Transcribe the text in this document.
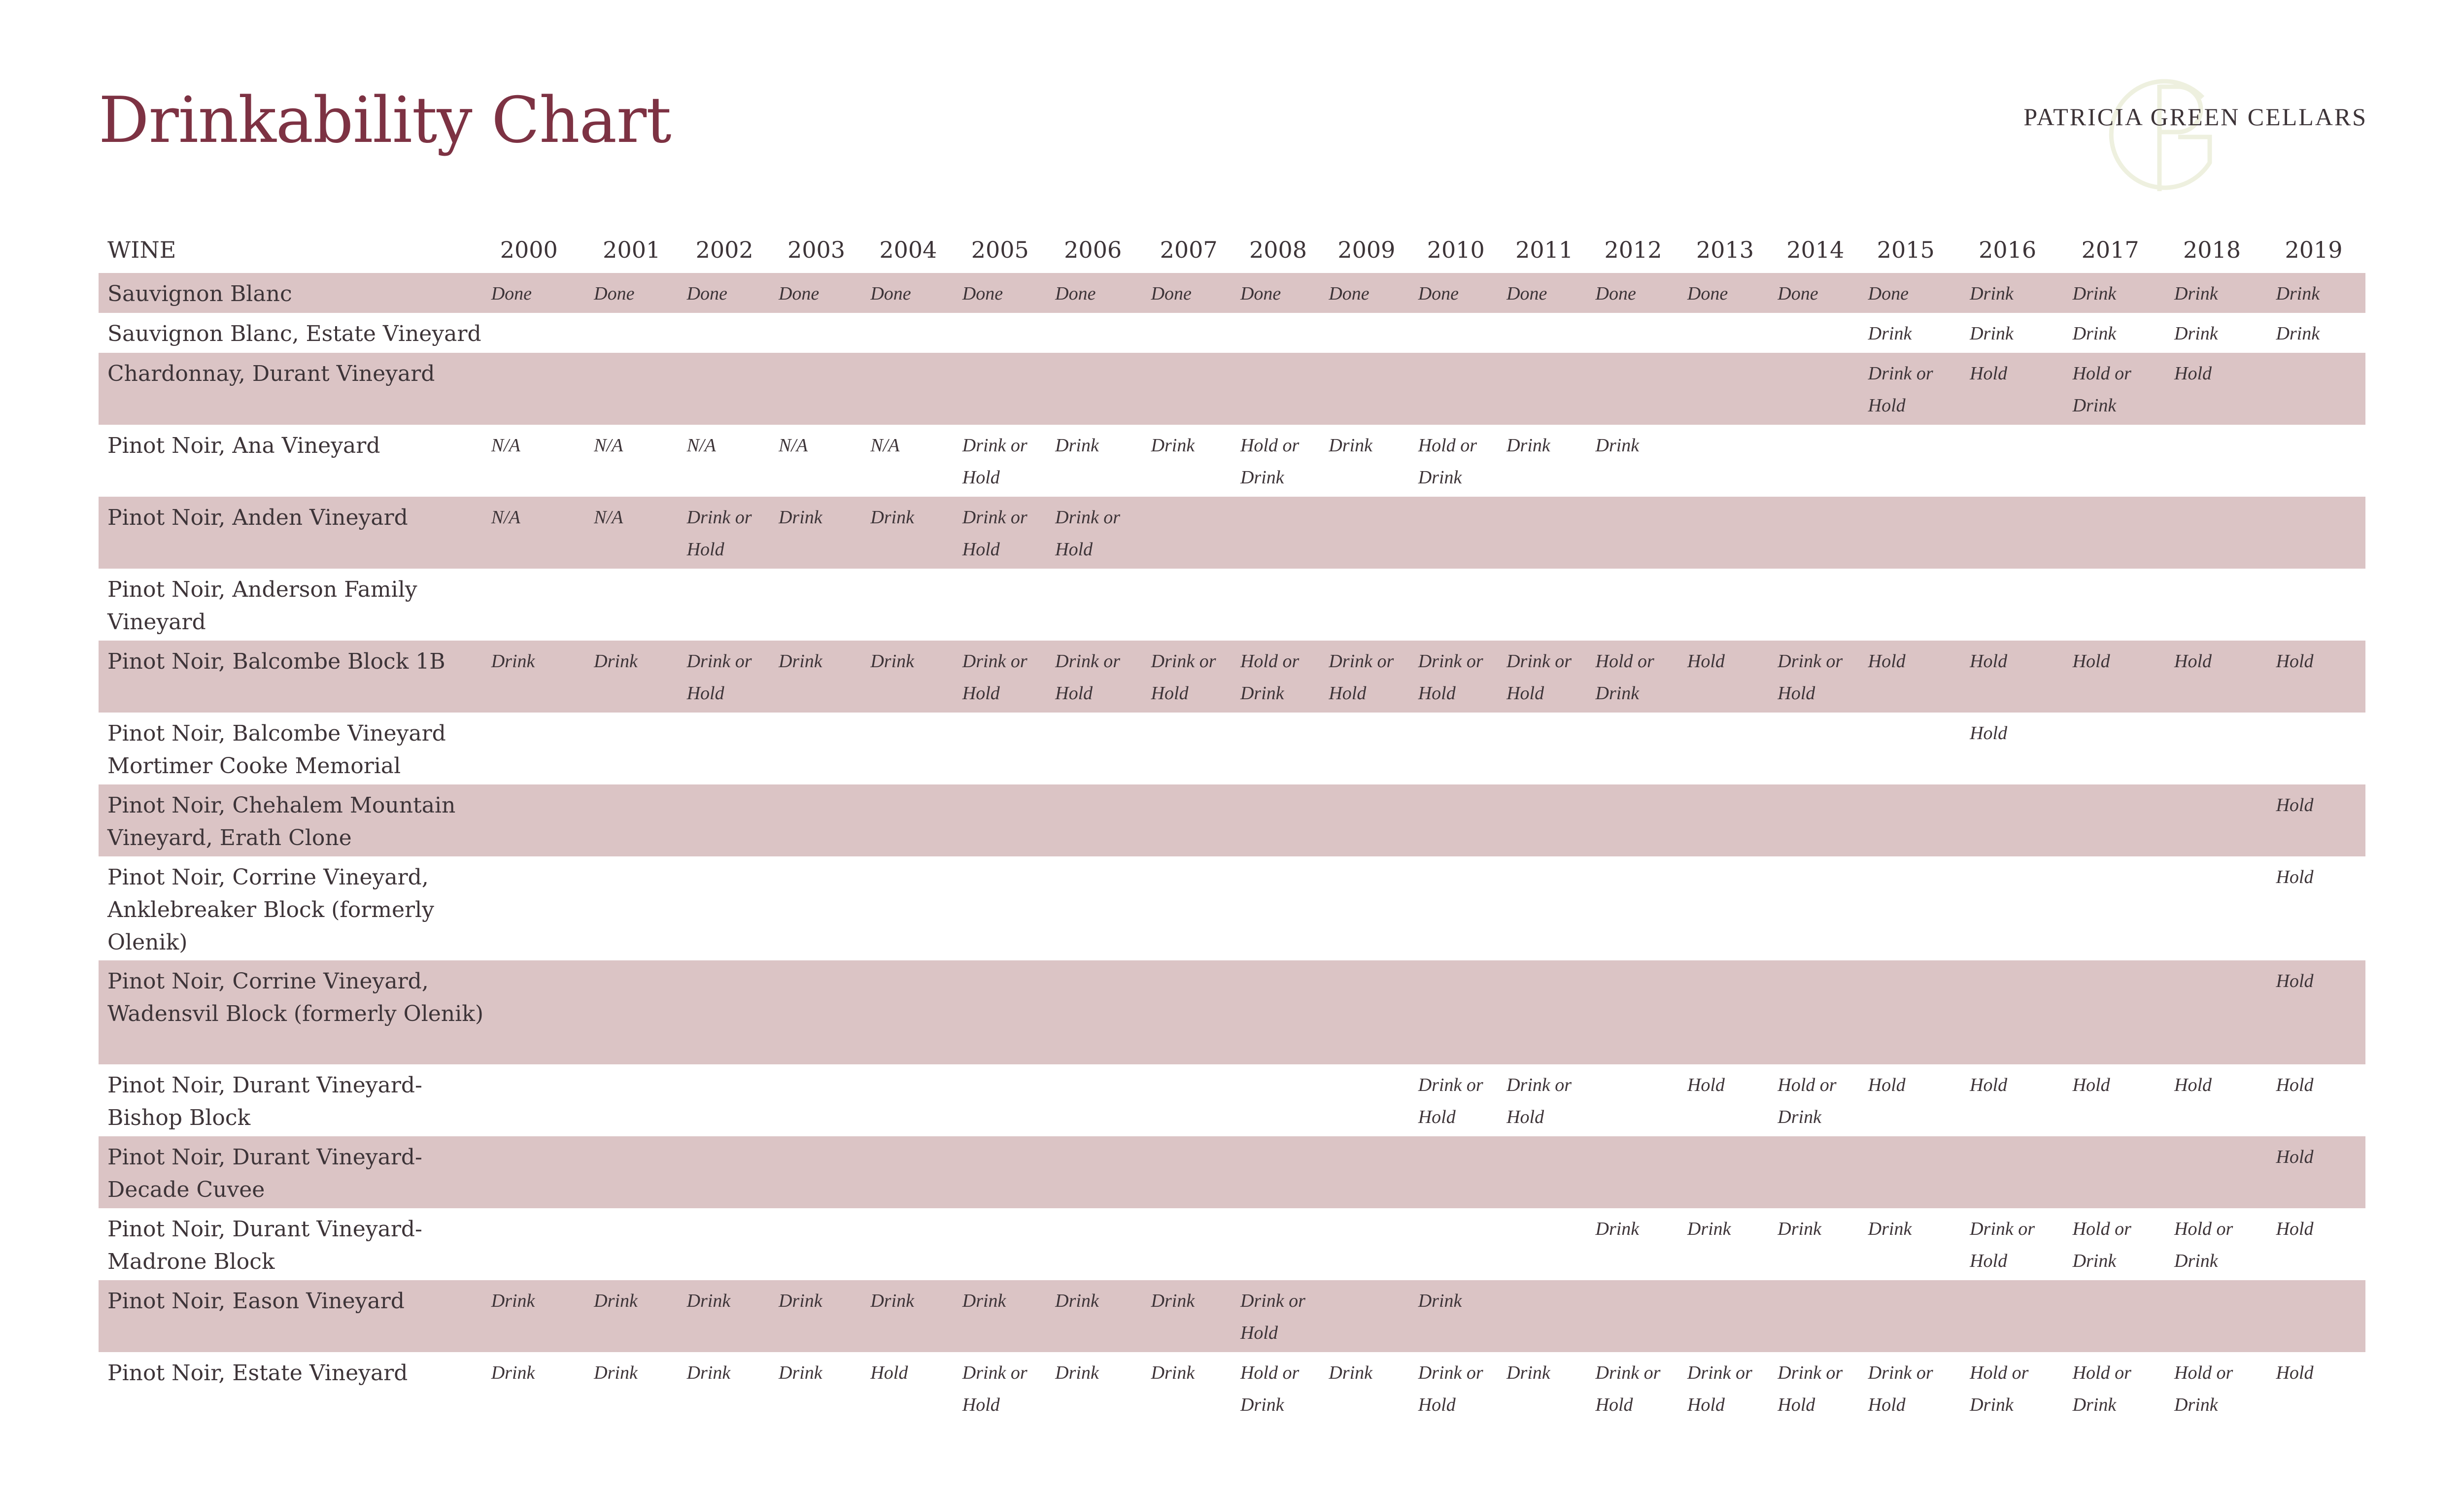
Drinkability Chart	PATRICIA GREEN CELLARS
WINE	2000	2001	2002	2003	2004	2005	2006	2007	2008	2009	2010	2011	2012	2013	2014	2015	2016	2017	2018	2019
Sauvignon Blanc	Done	Done	Done	Done	Done	Done	Done	Done	Done	Done	Done	Done	Done	Done	Done	Done	Drink	Drink	Drink	Drink
Sauvignon Blanc, Estate Vineyard																Drink	Drink	Drink	Drink	Drink
Chardonnay, Durant Vineyard																Drink or Hold	Hold	Hold or Drink	Hold	
Pinot Noir, Ana Vineyard	N/A	N/A	N/A	N/A	N/A	Drink or Hold	Drink	Drink	Hold or Drink	Drink	Hold or Drink	Drink	Drink							
Pinot Noir, Anden Vineyard	N/A	N/A	Drink or Hold	Drink	Drink	Drink or Hold	Drink or Hold													
Pinot Noir, Anderson Family Vineyard																				
Pinot Noir, Balcombe Block 1B	Drink	Drink	Drink or Hold	Drink	Drink	Drink or Hold	Drink or Hold	Drink or Hold	Hold or Drink	Drink or Hold	Drink or Hold	Drink or Hold	Hold or Drink	Hold	Drink or Hold	Hold	Hold	Hold	Hold	Hold
Pinot Noir, Balcombe Vineyard Mortimer Cooke Memorial																	Hold			
Pinot Noir, Chehalem Mountain Vineyard, Erath Clone																				Hold
Pinot Noir, Corrine Vineyard, Anklebreaker Block (formerly Olenik)																				Hold
Pinot Noir, Corrine Vineyard, Wadensvil Block (formerly Olenik)																				Hold
Pinot Noir, Durant Vineyard-Bishop Block											Drink or Hold	Drink or Hold		Hold	Hold or Drink	Hold	Hold	Hold	Hold	Hold
Pinot Noir, Durant Vineyard-Decade Cuvee																				Hold
Pinot Noir, Durant Vineyard-Madrone Block													Drink	Drink	Drink	Drink	Drink or Hold	Hold or Drink	Hold or Drink	Hold
Pinot Noir, Eason Vineyard	Drink	Drink	Drink	Drink	Drink	Drink	Drink	Drink	Drink or Hold		Drink									
Pinot Noir, Estate Vineyard	Drink	Drink	Drink	Drink	Hold	Drink or Hold	Drink	Drink	Hold or Drink	Drink	Drink or Hold	Drink	Drink or Hold	Drink or Hold	Drink or Hold	Drink or Hold	Hold or Drink	Hold or Drink	Hold or Drink	Hold
